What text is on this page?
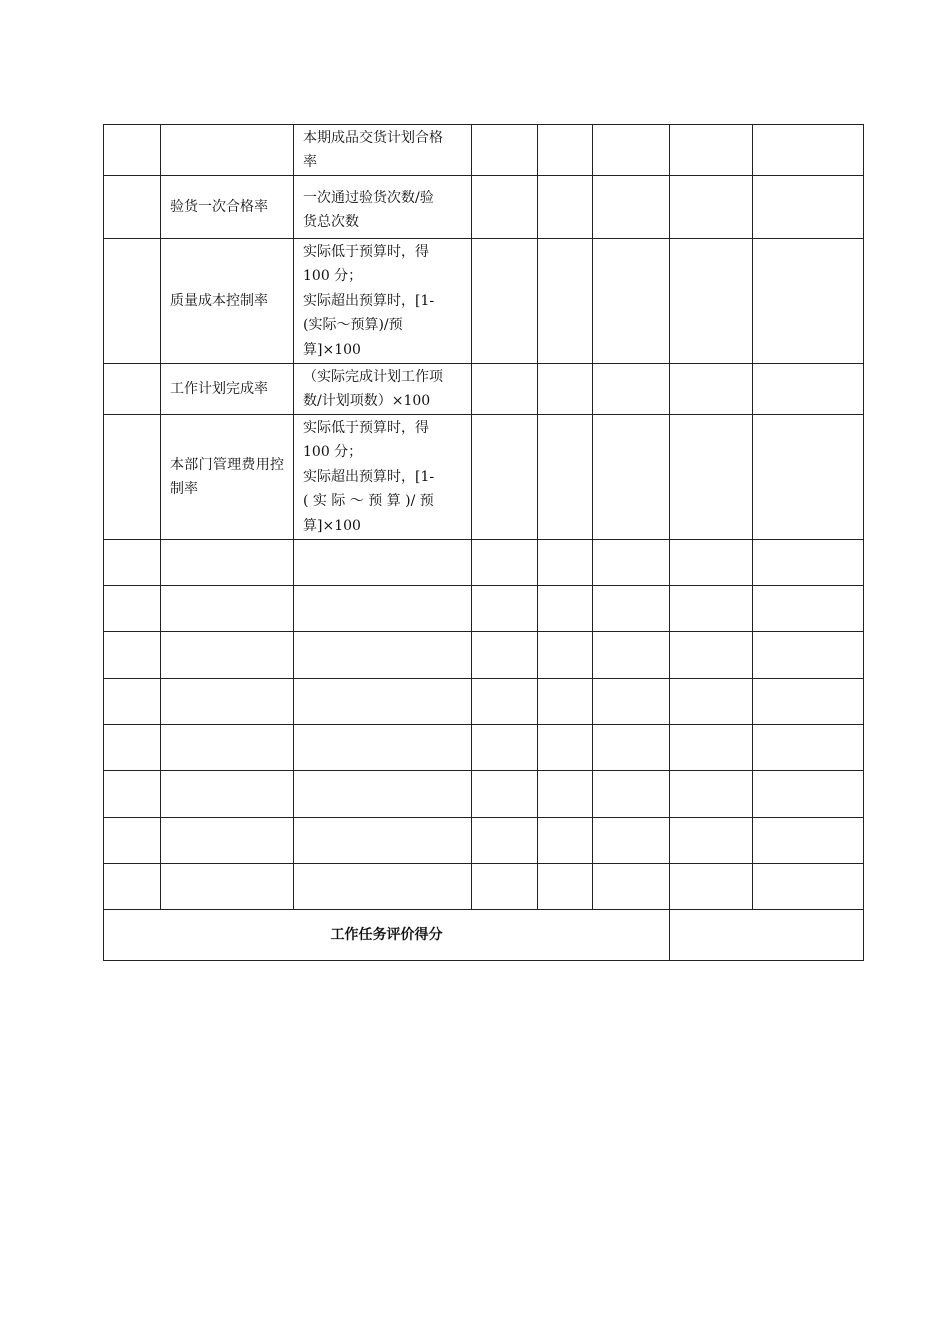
		本期成品交货计划合格
率					

	验货一次合格率	一次通过验货次数/验
货总次数					

	质量成本控制率	实际低于预算时，得
100 分；
实际超出预算时，[1-
(实际～预算)/预
算]×100					

	工作计划完成率	（实际完成计划工作项
数/计划项数）×100					

	本部门管理费用控制率	实际低于预算时，得
100 分；
实际超出预算时，[1-
( 实 际 ～ 预 算 )/ 预
算]×100					

工作任务评价得分							
